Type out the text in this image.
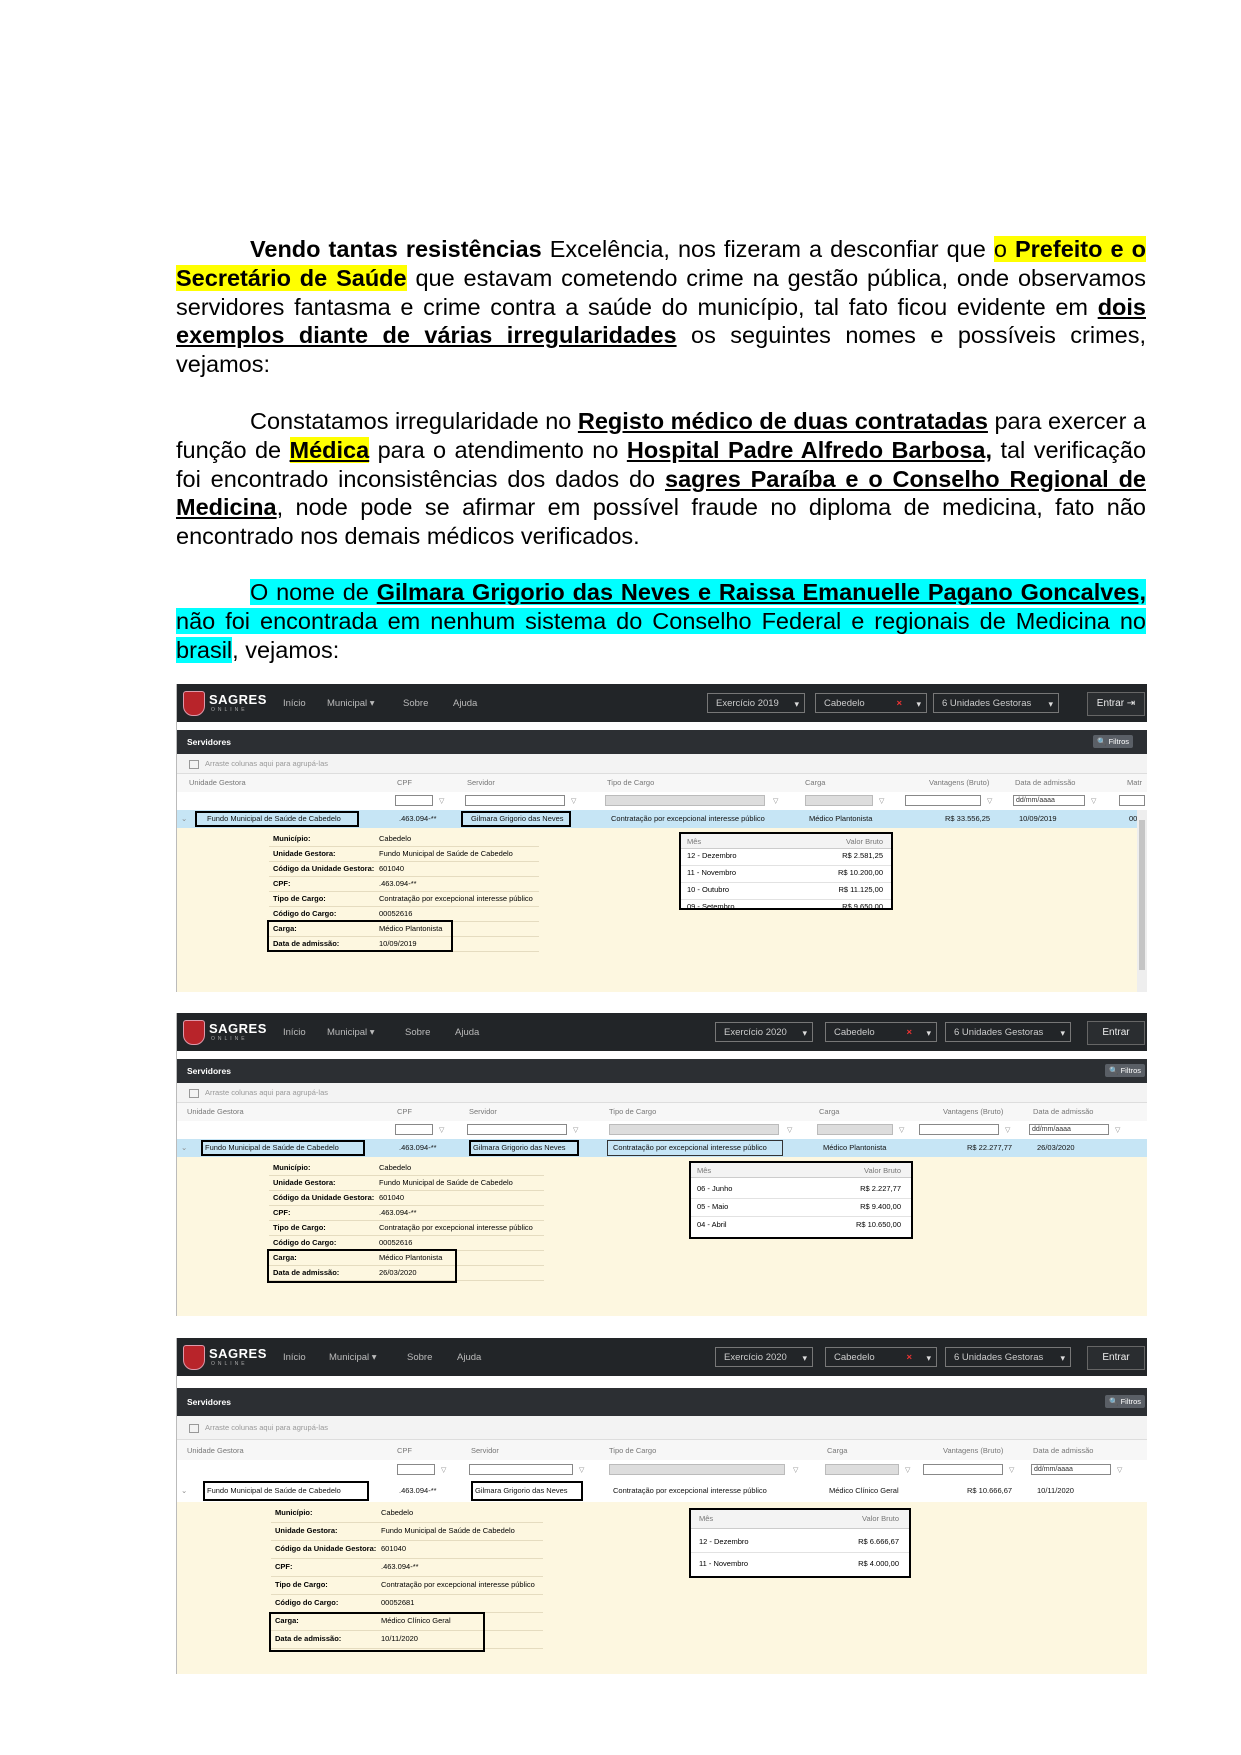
Vendo tantas resistências Excelência, nos fizeram a desconfiar que o Prefeito e o Secretário de Saúde que estavam cometendo crime na gestão pública, onde observamos servidores fantasma e crime contra a saúde do município, tal fato ficou evidente em dois exemplos diante de várias irregularidades os seguintes nomes e possíveis crimes, vejamos:

Constatamos irregularidade no Registo médico de duas contratadas para exercer a função de Médica para o atendimento no Hospital Padre Alfredo Barbosa, tal verificação foi encontrado inconsistências dos dados do sagres Paraíba e o Conselho Regional de Medicina, node pode se afirmar em possível fraude no diploma de medicina, fato não encontrado nos demais médicos verificados.

O nome de Gilmara Grigorio das Neves e Raissa Emanuelle Pagano Goncalves, não foi encontrada em nenhum sistema do Conselho Federal e regionais de Medicina no brasil, vejamos:

SAGRES
ONLINE
Início Municipal ▾	Sobre	Ajuda	Exercício 2019 ▾	Cabedelo	× ▾	6 Unidades Gestoras ▾	Entrar ⇥
Servidores	🔍 Filtros
Arraste colunas aqui para agrupá-las
Unidade Gestora	CPF	Servidor	Tipo de Cargo	Carga	Vantagens (Bruto)	Data de admissão	Matr
▽	▽	▽	▽	▽	dd/mm/aaaa	▽
⌄	Fundo Municipal de Saúde de Cabedelo	.463.094-**	Gilmara Grigorio das Neves	Contratação por excepcional interesse público	Médico Plantonista	R$ 33.556,25	10/09/2019	00
Município:	Cabedelo
Unidade Gestora:	Fundo Municipal de Saúde de Cabedelo
Código da Unidade Gestora: 601040
CPF:	.463.094-**
Tipo de Cargo:	Contratação por excepcional interesse público
Código do Cargo:	00052616
Carga:	Médico Plantonista
Data de admissão:	10/09/2019
Mês	Valor Bruto
12 - Dezembro	R$ 2.581,25
11 - Novembro	R$ 10.200,00
10 - Outubro	R$ 11.125,00
09 - Setembro	R$ 9.650,00
SAGRES
ONLINE
Início Municipal ▾	Sobre	Ajuda	Exercício 2020 ▾	Cabedelo	× ▾	6 Unidades Gestoras ▾	Entrar
Servidores	🔍 Filtros
Arraste colunas aqui para agrupá-las
Unidade Gestora	CPF	Servidor	Tipo de Cargo	Carga	Vantagens (Bruto)	Data de admissão
▽	▽	▽	▽	▽	dd/mm/aaaa	▽
⌄ Fundo Municipal de Saúde de Cabedelo	.463.094-**	Gilmara Grigorio das Neves	Contratação por excepcional interesse público	Médico Plantonista	R$ 22.277,77	26/03/2020
Município:	Cabedelo
Unidade Gestora:	Fundo Municipal de Saúde de Cabedelo
Código da Unidade Gestora: 601040
CPF:	.463.094-**
Tipo de Cargo:	Contratação por excepcional interesse público
Código do Cargo:	00052616
Carga:	Médico Plantonista
Data de admissão:	26/03/2020
Mês	Valor Bruto
06 - Junho	R$ 2.227,77
05 - Maio	R$ 9.400,00
04 - Abril	R$ 10.650,00
SAGRES
ONLINE
Início Municipal ▾	Sobre	Ajuda	Exercício 2020 ▾	Cabedelo	× ▾	6 Unidades Gestoras ▾	Entrar
Servidores	🔍 Filtros
Arraste colunas aqui para agrupá-las
Unidade Gestora	CPF	Servidor	Tipo de Cargo	Carga	Vantagens (Bruto)	Data de admissão
▽	▽	▽	▽	▽	dd/mm/aaaa	▽
⌄	Fundo Municipal de Saúde de Cabedelo	.463.094-**	Gilmara Grigorio das Neves	Contratação por excepcional interesse público	Médico Clínico Geral	R$ 10.666,67	10/11/2020
Município:	Cabedelo
Unidade Gestora:	Fundo Municipal de Saúde de Cabedelo
Código da Unidade Gestora: 601040
CPF:	.463.094-**
Tipo de Cargo:	Contratação por excepcional interesse público
Código do Cargo:	00052681
Carga:	Médico Clínico Geral
Data de admissão:	10/11/2020
Mês	Valor Bruto
12 - Dezembro	R$ 6.666,67
11 - Novembro	R$ 4.000,00
